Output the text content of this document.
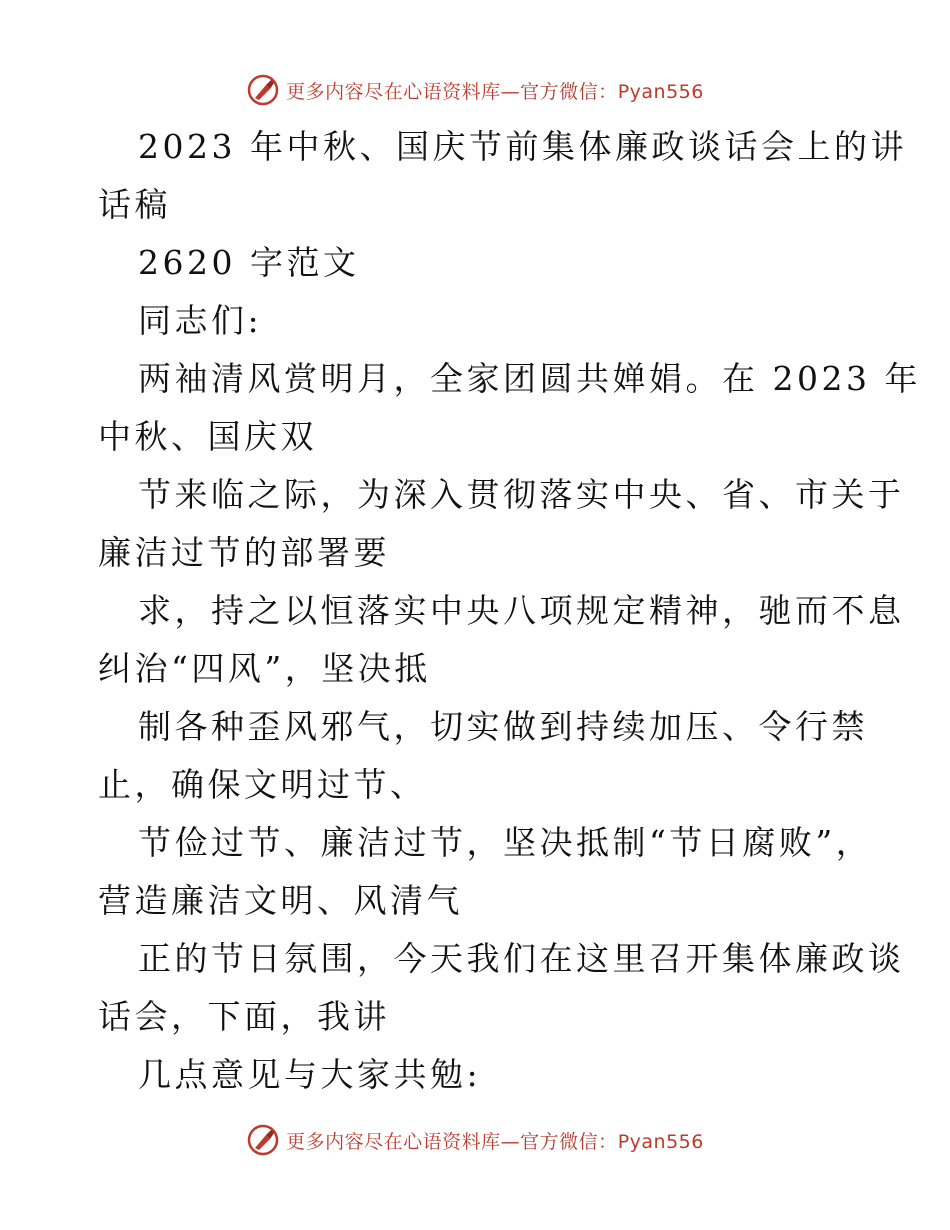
更多内容尽在心语资料库—官方微信：Pyan556
2023 年中秋、国庆节前集体廉政谈话会上的讲
话稿
2620 字范文
同志们:
两袖清风赏明月，全家团圆共婵娟。在 2023 年
中秋、国庆双
节来临之际，为深入贯彻落实中央、省、市关于
廉洁过节的部署要
求，持之以恒落实中央八项规定精神，驰而不息
纠治“四风”，坚决抵
制各种歪风邪气，切实做到持续加压、令行禁
止，确保文明过节、
节俭过节、廉洁过节，坚决抵制“节日腐败”，
营造廉洁文明、风清气
正的节日氛围，今天我们在这里召开集体廉政谈
话会，下面，我讲
几点意见与大家共勉:
更多内容尽在心语资料库—官方微信：Pyan556
